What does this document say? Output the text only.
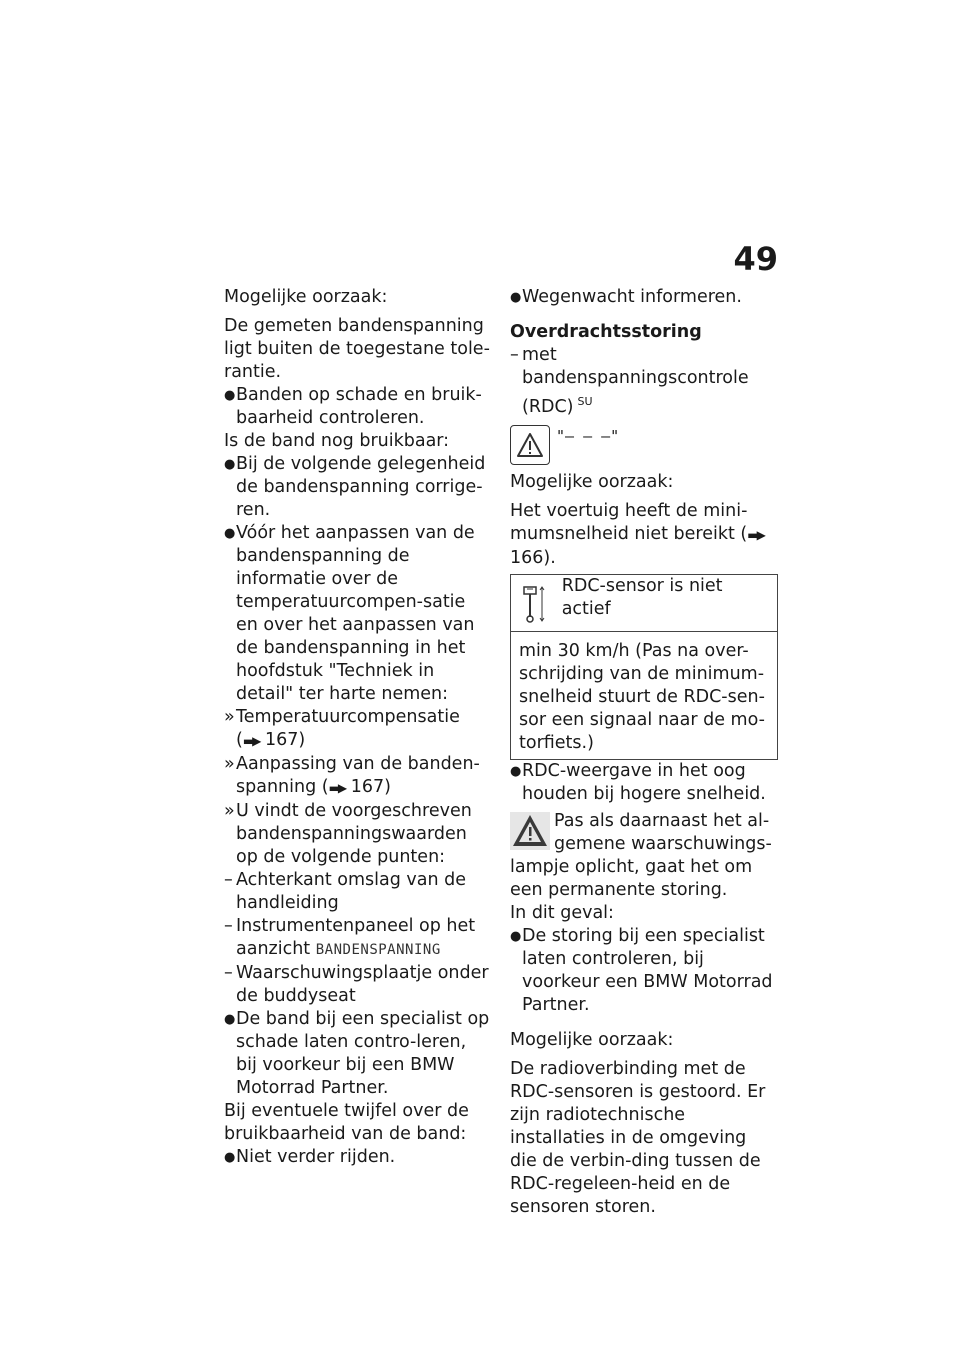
49

Mogelijke oorzaak:

De gemeten bandenspanning ligt buiten de toegestane tole-rantie.

● Banden op schade en bruik-baarheid controleren.

Is de band nog bruikbaar:

● Bij de volgende gelegenheid de bandenspanning corrige-ren.
● Vóór het aanpassen van de bandenspanning de informatie over de temperatuurcompen-satie en over het aanpassen van de bandenspanning in het hoofdstuk "Techniek in detail" ter harte nemen:
» Temperatuurcompensatie
(▬▶ 167)
» Aanpassing van de banden-spanning (▬▶ 167)
» U vindt de voorgeschreven bandenspanningswaarden op de volgende punten:
– Achterkant omslag van de handleiding
– Instrumentenpaneel op het aanzicht BANDENSPANNING
– Waarschuwingsplaatje onder de buddyseat
● De band bij een specialist op schade laten contro-leren, bij voorkeur bij een BMW Motorrad Partner.

Bij eventuele twijfel over de bruikbaarheid van de band:

● Niet verder rijden.
● Wegenwacht informeren.

Overdrachtsstoring

– met bandenspanningscontrole (RDC) $^{SU}$
"– – –"

Mogelijke oorzaak:

Het voertuig heeft de mini-mumsnelheid niet bereikt (▬▶ 166).

RDC-sensor is niet actief
min 30 km/h (Pas na over-schrijding van de minimum-snelheid stuurt de RDC-sen-sor een signaal naar de mo-torfiets.)
● RDC-weergave in het oog houden bij hogere snelheid.
Pas als daarnaast het al-gemene waarschuwings-lampje oplicht, gaat het om een permanente storing.

In dit geval:

● De storing bij een specialist laten controleren, bij voorkeur een BMW Motorrad Partner.

Mogelijke oorzaak:

De radioverbinding met de RDC-sensoren is gestoord. Er zijn radiotechnische installaties in de omgeving die de verbin-ding tussen de RDC-regeleen-heid en de sensoren storen.
